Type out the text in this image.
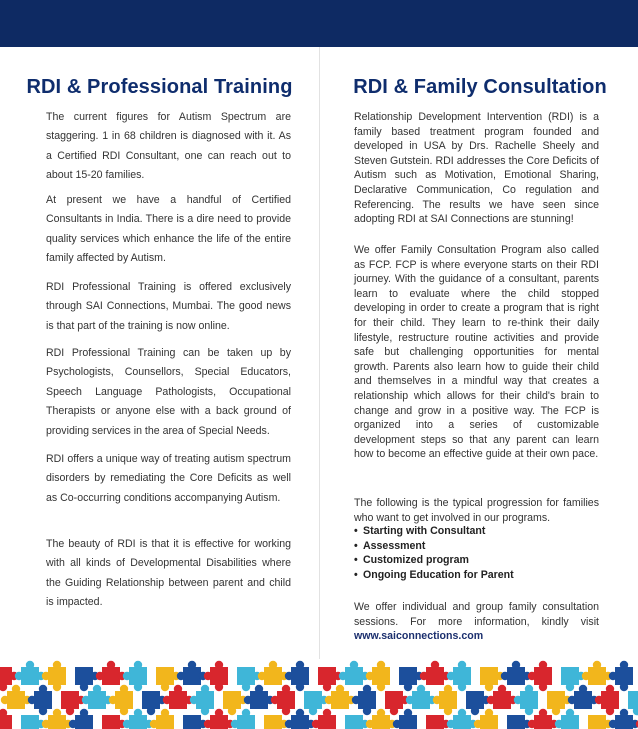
RDI & Professional Training

The current figures for Autism Spectrum are staggering. 1 in 68 children is diagnosed with it. As a Certified RDI Consultant, one can reach out to about 15-20 families.

At present we have a handful of Certified Consultants in India. There is a dire need to provide quality services which enhance the life of the entire family affected by Autism.

RDI Professional Training is offered exclusively through SAI Connections, Mumbai. The good news is that part of the training is now online.

RDI Professional Training can be taken up by Psychologists, Counsellors, Special Educators, Speech Language Pathologists, Occupational Therapists or anyone else with a back ground of providing services in the area of Special Needs.

RDI offers a unique way of treating autism spectrum disorders by remediating the Core Deficits as well as Co-occurring conditions accompanying Autism.

The beauty of RDI is that it is effective for working with all kinds of Developmental Disabilities where the Guiding Relationship between parent and child is impacted.

RDI & Family Consultation

Relationship Development Intervention (RDI) is a family based treatment program founded and developed in USA by Drs. Rachelle Sheely and Steven Gutstein. RDI addresses the Core Deficits of Autism such as Motivation, Emotional Sharing, Declarative Communication, Co regulation and Referencing. The results we have seen since adopting RDI at SAI Connections are stunning!

We offer Family Consultation Program also called as FCP. FCP is where everyone starts on their RDI journey. With the guidance of a consultant, parents learn to evaluate where the child stopped developing in order to create a program that is right for their child. They learn to re-think their daily lifestyle, restructure routine activities and provide safe but challenging opportunities for mental growth. Parents also learn how to guide their child and themselves in a mindful way that creates a relationship which allows for their child's brain to change and grow in a positive way. The FCP is organized into a series of customizable development steps so that any parent can learn how to become an effective guide at their own pace.

The following is the typical progression for families who want to get involved in our programs.

• Starting with Consultant
• Assessment
• Customized program
• Ongoing Education for Parent

We offer individual and group family consultation sessions. For more information, kindly visit www.saiconnections.com
